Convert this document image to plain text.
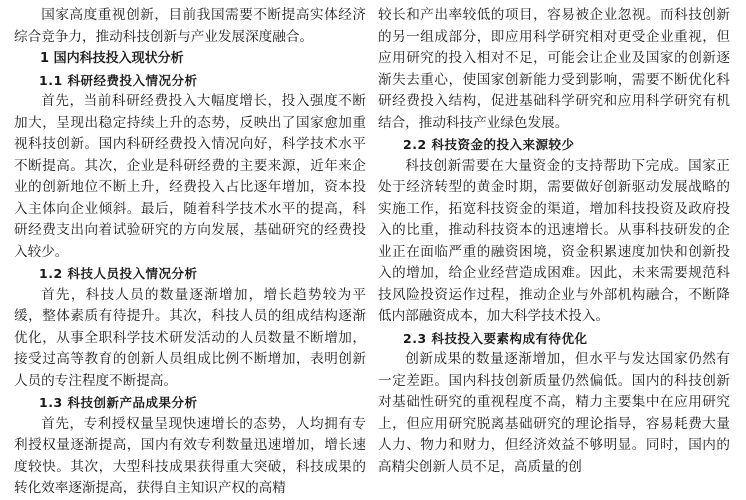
国家高度重视创新，目前我国需要不断提高实体经济综合竞争力，推动科技创新与产业发展深度融合。

1 国内科技投入现状分析

1.1 科研经费投入情况分析

首先，当前科研经费投入大幅度增长，投入强度不断加大，呈现出稳定持续上升的态势，反映出了国家愈加重视科技创新。国内科研经费投入情况向好，科学技术水平不断提高。其次，企业是科研经费的主要来源，近年来企业的创新地位不断上升，经费投入占比逐年增加，资本投入主体向企业倾斜。最后，随着科学技术水平的提高，科研经费支出向着试验研究的方向发展，基础研究的经费投入较少。

1.2 科技人员投入情况分析

首先，科技人员的数量逐渐增加，增长趋势较为平缓，整体素质有待提升。其次，科技人员的组成结构逐渐优化，从事全职科学技术研发活动的人员数量不断增加，接受过高等教育的创新人员组成比例不断增加，表明创新人员的专注程度不断提高。

1.3 科技创新产品成果分析

首先，专利授权量呈现快速增长的态势，人均拥有专利授权量逐渐提高，国内有效专利数量迅速增加，增长速度较快。其次，大型科技成果获得重大突破，科技成果的转化效率逐渐提高，获得自主知识产权的高精

较长和产出率较低的项目，容易被企业忽视。而科技创新的另一组成部分，即应用科学研究相对更受企业重视，但应用研究的投入相对不足，可能会让企业及国家的创新逐渐失去重心，使国家创新能力受到影响，需要不断优化科研经费投入结构，促进基础科学研究和应用科学研究有机结合，推动科技产业绿色发展。

2.2 科技资金的投入来源较少

科技创新需要在大量资金的支持帮助下完成。国家正处于经济转型的黄金时期，需要做好创新驱动发展战略的实施工作，拓宽科技资金的渠道，增加科技投资及政府投入的比重，推动科技资本的迅速增长。从事科技研发的企业正在面临严重的融资困境，资金积累速度加快和创新投入的增加，给企业经营造成困难。因此，未来需要规范科技风险投资运作过程，推动企业与外部机构融合，不断降低内部融资成本，加大科学技术投入。

2.3 科技投入要素构成有待优化

创新成果的数量逐渐增加，但水平与发达国家仍然有一定差距。国内科技创新质量仍然偏低。国内的科技创新对基础性研究的重视程度不高，精力主要集中在应用研究上，但应用研究脱离基础研究的理论指导，容易耗费大量人力、物力和财力，但经济效益不够明显。同时，国内的高精尖创新人员不足，高质量的创
